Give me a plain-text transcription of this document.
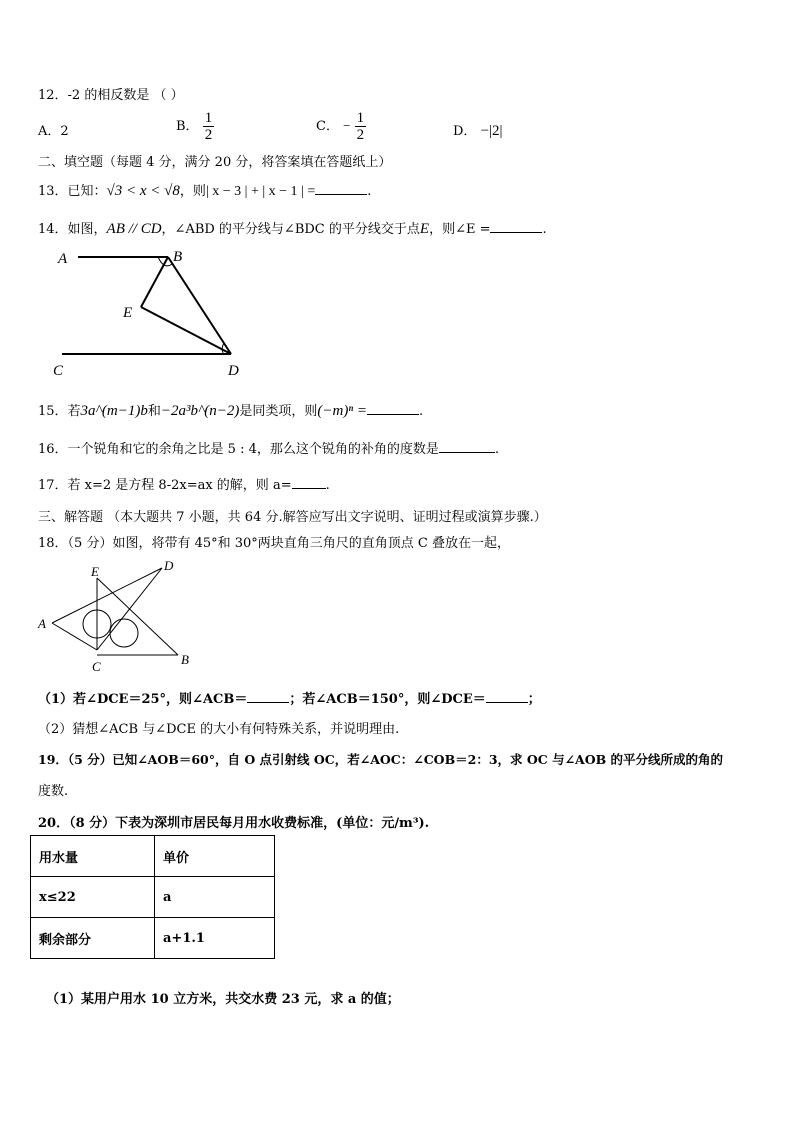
12．-2 的相反数是 （ ）
A．2	B． $\frac{1}{2}$	C． − $\frac{1}{2}$	D． −|2|
二、填空题（每题 4 分，满分 20 分，将答案填在答题纸上）
13．已知：√3 < x < √8，则| x − 3 | + | x − 1 | =	.
14．如图，AB // CD，∠ABD 的平分线与∠BDC 的平分线交于点E，则∠E =	.
A	B
E
C	D
15．若3a^(m−1)b和−2a³b^(n−2)是同类项，则(−m)ⁿ =	.
16．一个锐角和它的余角之比是 5 : 4，那么这个锐角的补角的度数是	.
17．若 x=2 是方程 8-2x=ax 的解，则 a=	.
三、解答题 （本大题共 7 小题，共 64 分.解答应写出文字说明、证明过程或演算步骤.）
18．（5 分）如图，将带有 45°和 30°两块直角三角尺的直角顶点 C 叠放在一起，
E	D
A
C	B
（1）若∠DCE＝25°，则∠ACB＝	；若∠ACB＝150°，则∠DCE＝	；
（2）猜想∠ACB 与∠DCE 的大小有何特殊关系，并说明理由.
19．（5 分）已知∠AOB＝60°，自 O 点引射线 OC，若∠AOC：∠COB＝2：3，求 OC 与∠AOB 的平分线所成的角的
度数.
20．（8 分）下表为深圳市居民每月用水收费标准，(单位：元/m³).
用水量	单价
x≤22	a
剩余部分	a+1.1
（1）某用户用水 10 立方米，共交水费 23 元，求 a 的值；
